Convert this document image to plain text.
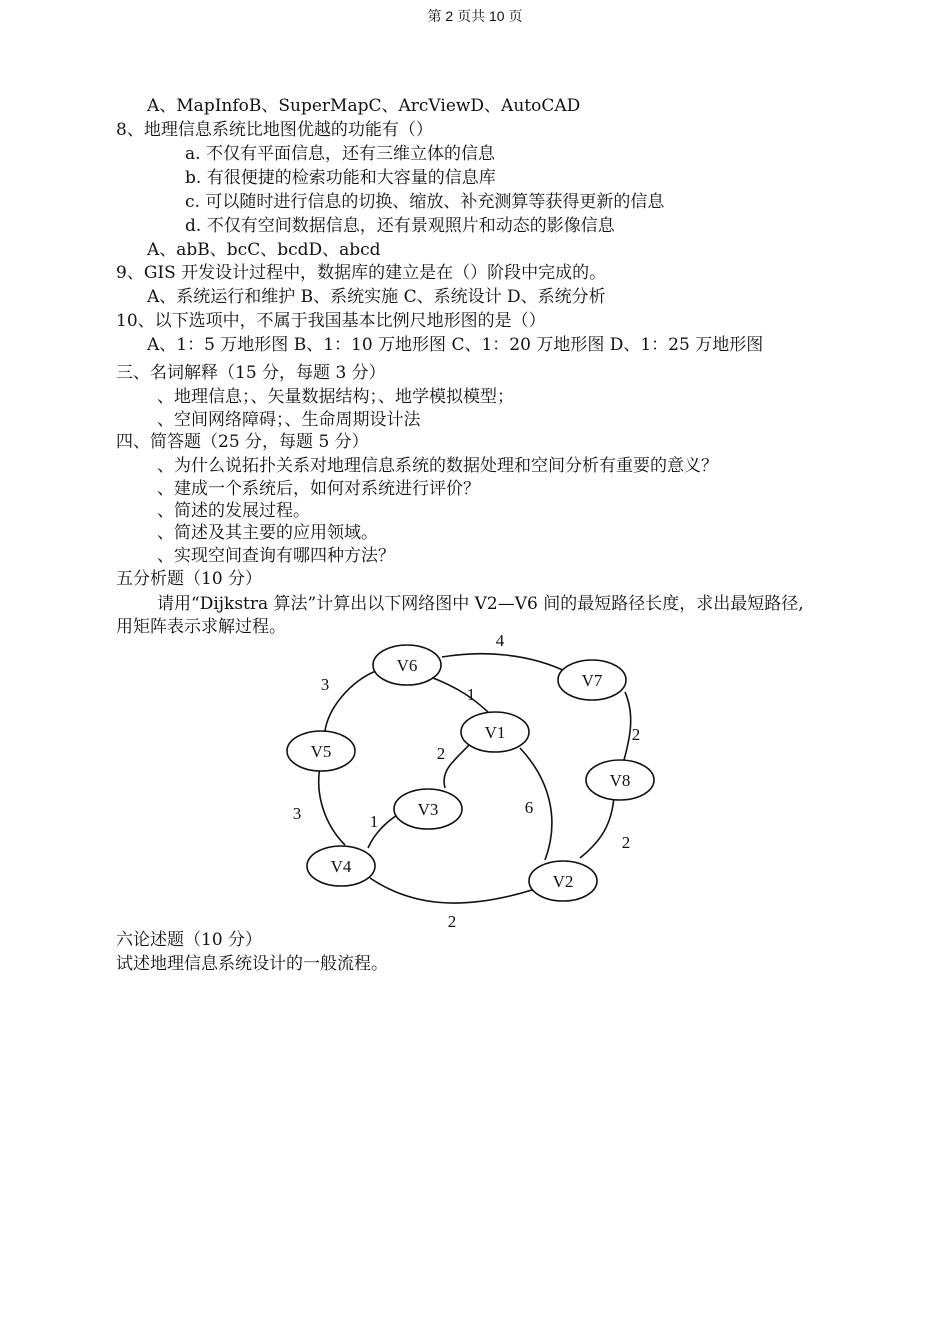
第 2 页共 10 页
A、MapInfoB、SuperMapC、ArcViewD、AutoCAD
8、地理信息系统比地图优越的功能有（）
a. 不仅有平面信息，还有三维立体的信息
b. 有很便捷的检索功能和大容量的信息库
c. 可以随时进行信息的切换、缩放、补充测算等获得更新的信息
d. 不仅有空间数据信息，还有景观照片和动态的影像信息
A、abB、bcC、bcdD、abcd
9、GIS 开发设计过程中，数据库的建立是在（）阶段中完成的。
A、系统运行和维护 B、系统实施 C、系统设计 D、系统分析
10、以下选项中，不属于我国基本比例尺地形图的是（）
A、1：5 万地形图 B、1：10 万地形图 C、1：20 万地形图 D、1：25 万地形图
三、名词解释（15 分，每题 3 分）
、地理信息；、矢量数据结构；、地学模拟模型；
、空间网络障碍；、生命周期设计法
四、简答题（25 分，每题 5 分）
、为什么说拓扑关系对地理信息系统的数据处理和空间分析有重要的意义？
、建成一个系统后，如何对系统进行评价？
、简述的发展过程。
、简述及其主要的应用领域。
、实现空间查询有哪四种方法？
五分析题（10 分）
请用“Dijkstra 算法”计算出以下网络图中 V2—V6 间的最短路径长度，求出最短路径,
用矩阵表示求解过程。
V6
V7
V1
V5
V8
V3
V4
V2
4
1
3
2
2
6
3	1
2
2
六论述题（10 分）
试述地理信息系统设计的一般流程。
